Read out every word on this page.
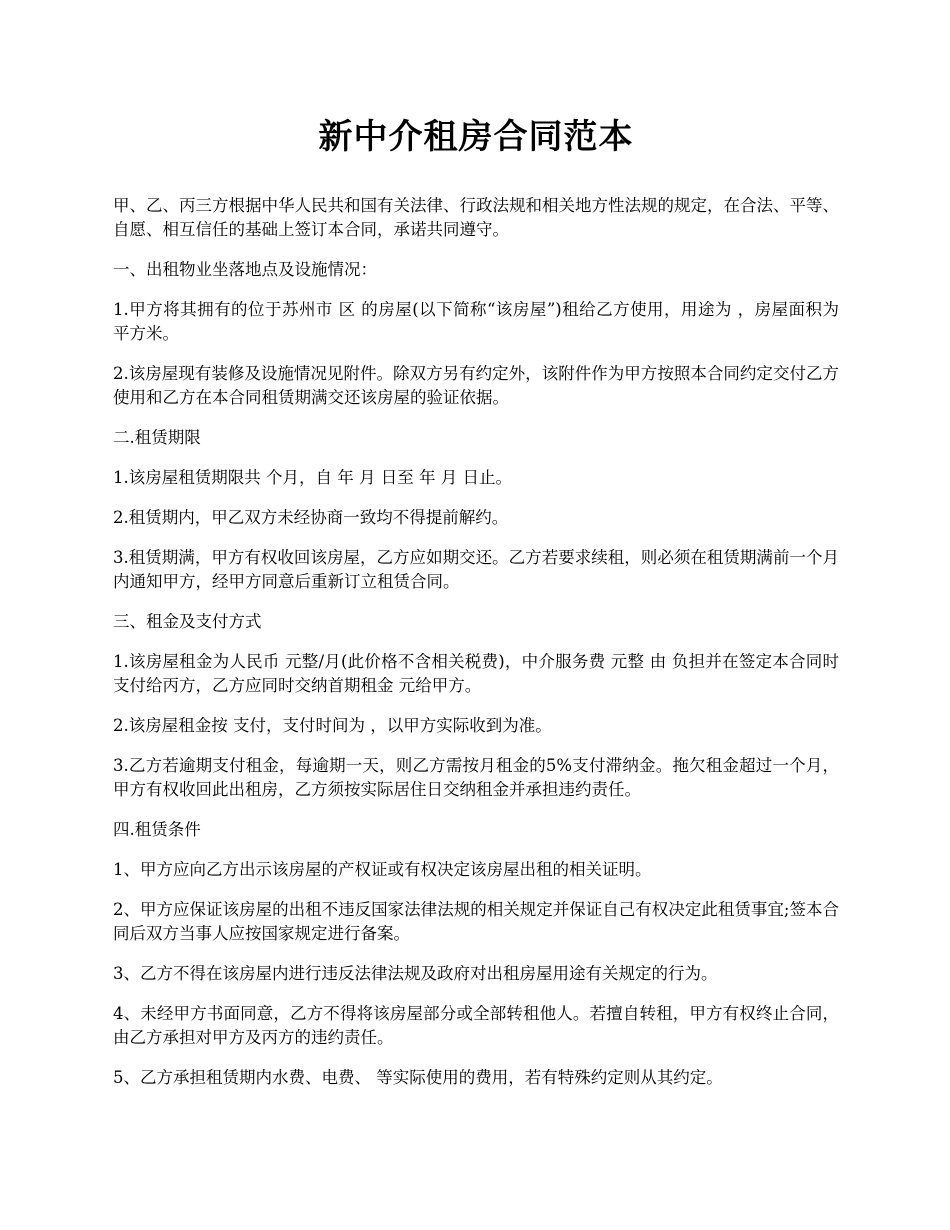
新中介租房合同范本

甲、乙、丙三方根据中华人民共和国有关法律、行政法规和相关地方性法规的规定，在合法、平等、自愿、相互信任的基础上签订本合同，承诺共同遵守。

一、出租物业坐落地点及设施情况：

1.甲方将其拥有的位于苏州市 区 的房屋(以下简称“该房屋”)租给乙方使用，用途为 ，房屋面积为 平方米。

2.该房屋现有装修及设施情况见附件。除双方另有约定外，该附件作为甲方按照本合同约定交付乙方使用和乙方在本合同租赁期满交还该房屋的验证依据。

二.租赁期限

1.该房屋租赁期限共 个月，自 年 月 日至 年 月 日止。

2.租赁期内，甲乙双方未经协商一致均不得提前解约。

3.租赁期满，甲方有权收回该房屋，乙方应如期交还。乙方若要求续租，则必须在租赁期满前一个月内通知甲方，经甲方同意后重新订立租赁合同。

三、租金及支付方式

1.该房屋租金为人民币 元整/月(此价格不含相关税费)，中介服务费 元整 由 负担并在签定本合同时支付给丙方，乙方应同时交纳首期租金 元给甲方。

2.该房屋租金按 支付，支付时间为 ，以甲方实际收到为准。

3.乙方若逾期支付租金，每逾期一天，则乙方需按月租金的5%支付滞纳金。拖欠租金超过一个月，甲方有权收回此出租房，乙方须按实际居住日交纳租金并承担违约责任。

四.租赁条件

1、甲方应向乙方出示该房屋的产权证或有权决定该房屋出租的相关证明。

2、甲方应保证该房屋的出租不违反国家法律法规的相关规定并保证自己有权决定此租赁事宜;签本合同后双方当事人应按国家规定进行备案。

3、乙方不得在该房屋内进行违反法律法规及政府对出租房屋用途有关规定的行为。

4、未经甲方书面同意，乙方不得将该房屋部分或全部转租他人。若擅自转租，甲方有权终止合同，由乙方承担对甲方及丙方的违约责任。

5、乙方承担租赁期内水费、电费、 等实际使用的费用，若有特殊约定则从其约定。
